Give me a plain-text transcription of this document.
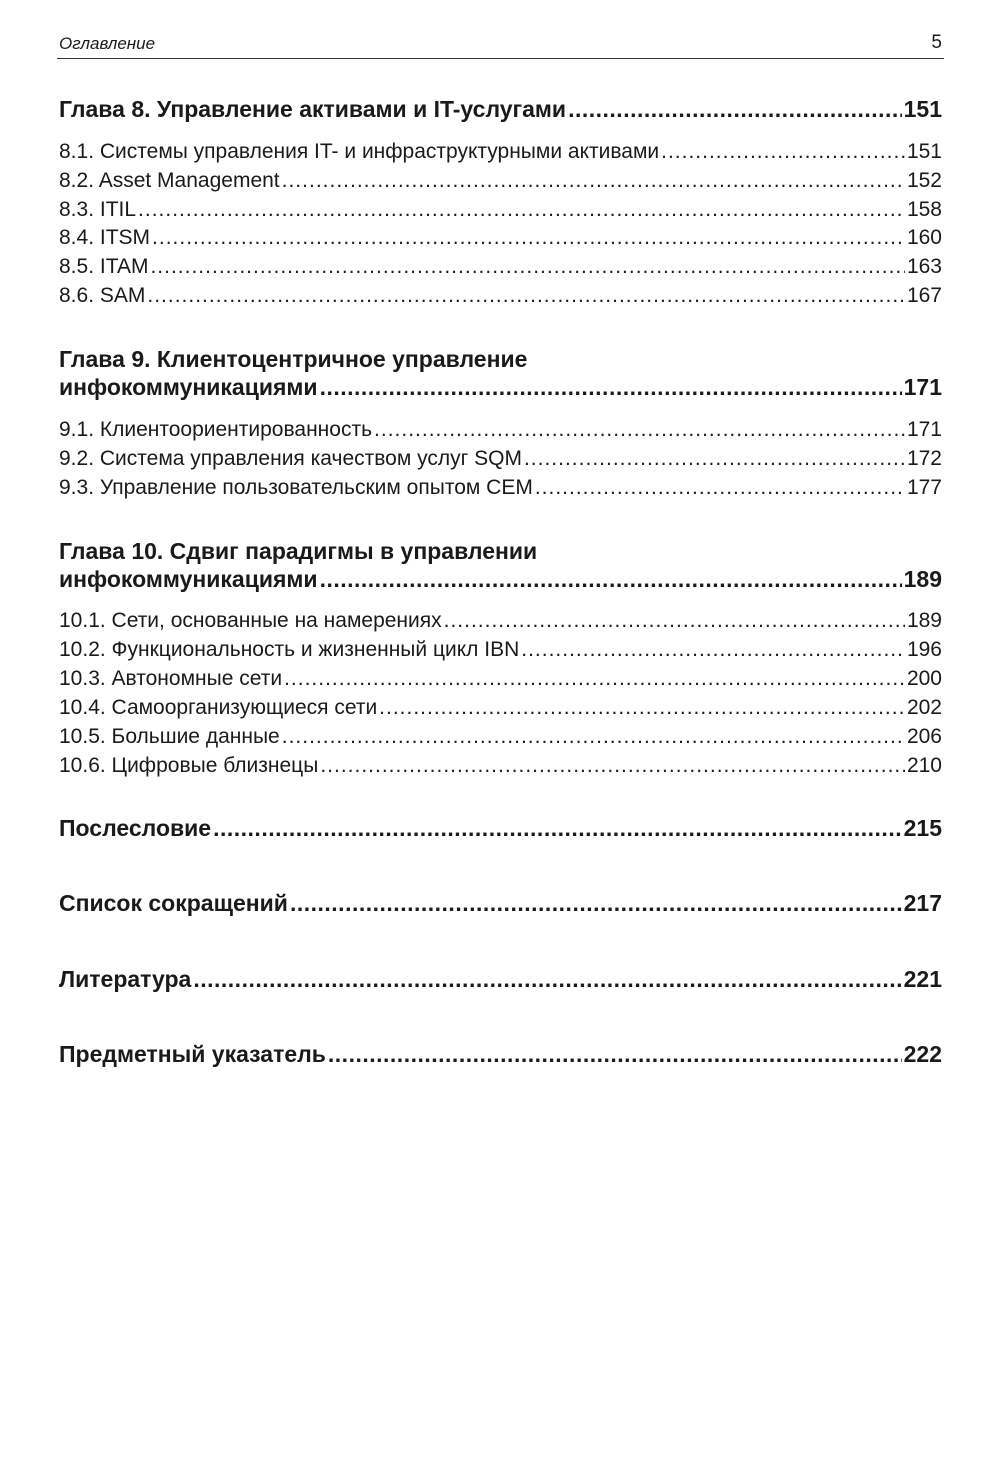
Оглавление	5
Глава 8. Управление активами и IT-услугами .....	151
8.1. Системы управления IT- и инфраструктурными активами .....	151
8.2. Asset Management .....	152
8.3. ITIL .....	158
8.4. ITSM .....	160
8.5. ITAM .....	163
8.6. SAM .....	167
Глава 9. Клиентоцентричное управление
инфокоммуникациями .....	171
9.1. Клиентоориентированность .....	171
9.2. Система управления качеством услуг SQM .....	172
9.3. Управление пользовательским опытом CEM .....	177
Глава 10. Сдвиг парадигмы в управлении
инфокоммуникациями .....	189
10.1. Сети, основанные на намерениях .....	189
10.2. Функциональность и жизненный цикл IBN .....	196
10.3. Автономные сети .....	200
10.4. Самоорганизующиеся сети .....	202
10.5. Большие данные .....	206
10.6. Цифровые близнецы .....	210
Послесловие .....	215
Список сокращений .....	217
Литература .....	221
Предметный указатель .....	222
